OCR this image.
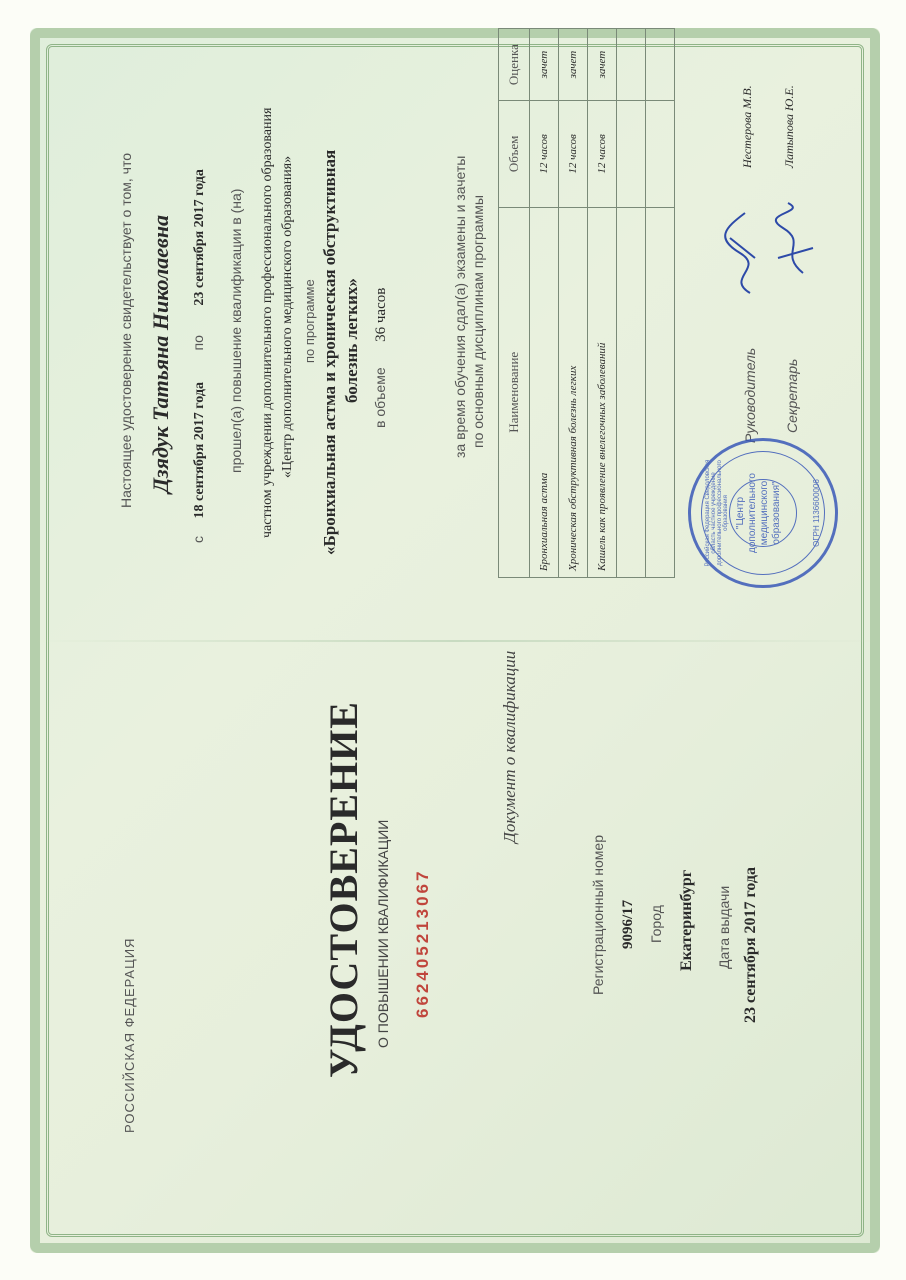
РОССИЙСКАЯ ФЕДЕРАЦИЯ	УДОСТОВЕРЕНИЕ О ПОВЫШЕНИИ КВАЛИФИКАЦИИ 662405213067
Документ о квалификации
Регистрационный номер 9096/17 Город Екатеринбург Дата выдачи 23 сентября 2017 года
Настоящее удостоверение свидетельствует о том, что Дзядук Татьяна Николаевна
с 18 сентября 2017 года по 23 сентября 2017 года прошел(а) повышение квалификации в (на) частном учреждении дополнительного профессионального образования «Центр дополнительного медицинского образования» по программе «Бронхиальная астма и хроническая обструктивная болезнь легких» в объеме 36 часов	за время обучения сдал(а) экзамены и зачеты по основным дисциплинам программы Наименование	Объем	Оценка
Бронхиальная астма	12 часов	зачет
Хроническая обструктивная болезнь легких	12 часов	зачет
Кашель как проявление внелегочных заболеваний	12 часов	зачет

Руководитель
Нестерова М.В.
Секретарь
Латыпова Ю.Е.
"Центр дополнительного медицинского образования"
Российская Федерация Свердловская область частное учреждение дополнительного профессионального образования	ОГРН 1136600006
